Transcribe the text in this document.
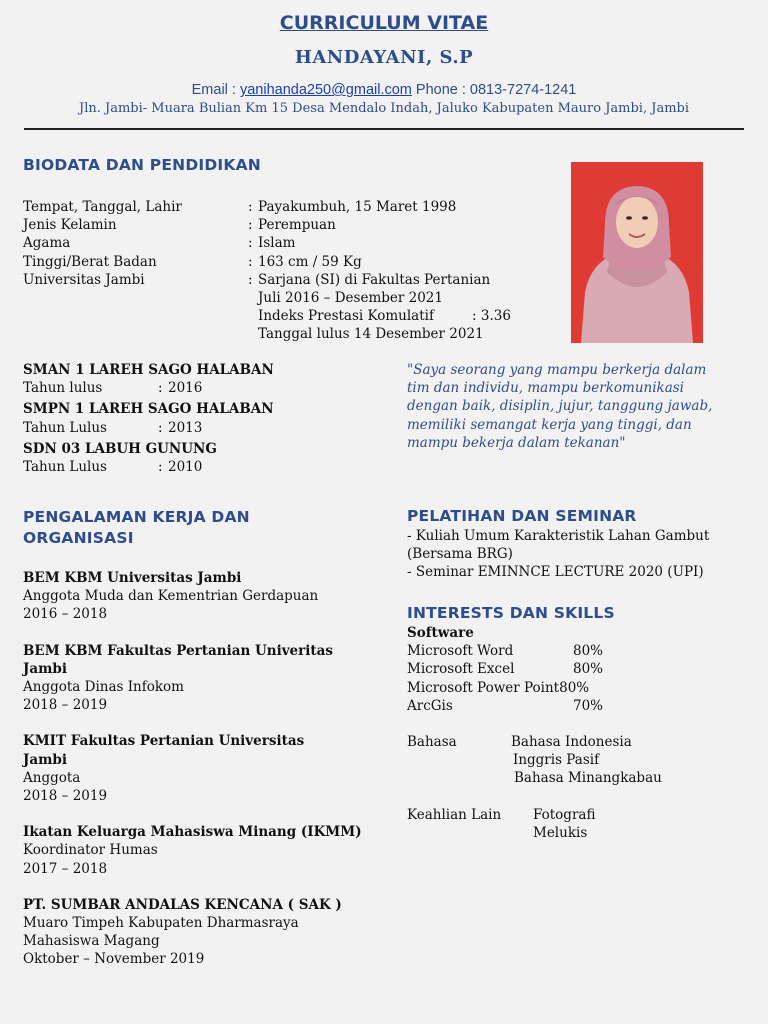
CURRICULUM VITAE
HANDAYANI, S.P
Email : yanihanda250@gmail.com Phone : 0813-7274-1241
Jln. Jambi- Muara Bulian Km 15 Desa Mendalo Indah, Jaluko Kabupaten Mauro Jambi, Jambi
BIODATA DAN PENDIDIKAN
Tempat, Tanggal, Lahir	:	Payakumbuh, 15 Maret 1998
Jenis Kelamin	:	Perempuan
Agama	:	Islam
Tinggi/Berat Badan	:	163 cm / 59 Kg
Universitas Jambi	:	Sarjana (SI) di Fakultas Pertanian
		Juli 2016 – Desember 2021
		Indeks Prestasi Komulatif : 3.36
		Tanggal lulus 14 Desember 2021
SMAN 1 LAREH SAGO HALABAN
Tahun lulus	: 2016
SMPN 1 LAREH SAGO HALABAN
Tahun Lulus	: 2013
SDN 03 LABUH GUNUNG
Tahun Lulus	: 2010
"Saya seorang yang mampu berkerja dalam
tim dan individu, mampu berkomunikasi
dengan baik, disiplin, jujur, tanggung jawab,
memiliki semangat kerja yang tinggi, dan
mampu bekerja dalam tekanan"
PENGALAMAN KERJA DAN
ORGANISASI
BEM KBM Universitas Jambi
Anggota Muda dan Kementrian Gerdapuan
2016 – 2018
BEM KBM Fakultas Pertanian Univeritas
Jambi
Anggota Dinas Infokom
2018 – 2019
KMIT Fakultas Pertanian Universitas
Jambi
Anggota
2018 – 2019
Ikatan Keluarga Mahasiswa Minang (IKMM)
Koordinator Humas
2017 – 2018
PT. SUMBAR ANDALAS KENCANA ( SAK )
Muaro Timpeh Kabupaten Dharmasraya
Mahasiswa Magang
Oktober – November 2019
PELATIHAN DAN SEMINAR
- Kuliah Umum Karakteristik Lahan Gambut
(Bersama BRG)
- Seminar EMINNCE LECTURE 2020 (UPI)
INTERESTS DAN SKILLS
Software
Microsoft Word	80%
Microsoft Excel	80%
Microsoft Power Point 80%
ArcGis	70%
Bahasa	Bahasa Indonesia
Inggris Pasif
Bahasa Minangkabau
Keahlian Lain	Fotografi
Melukis
